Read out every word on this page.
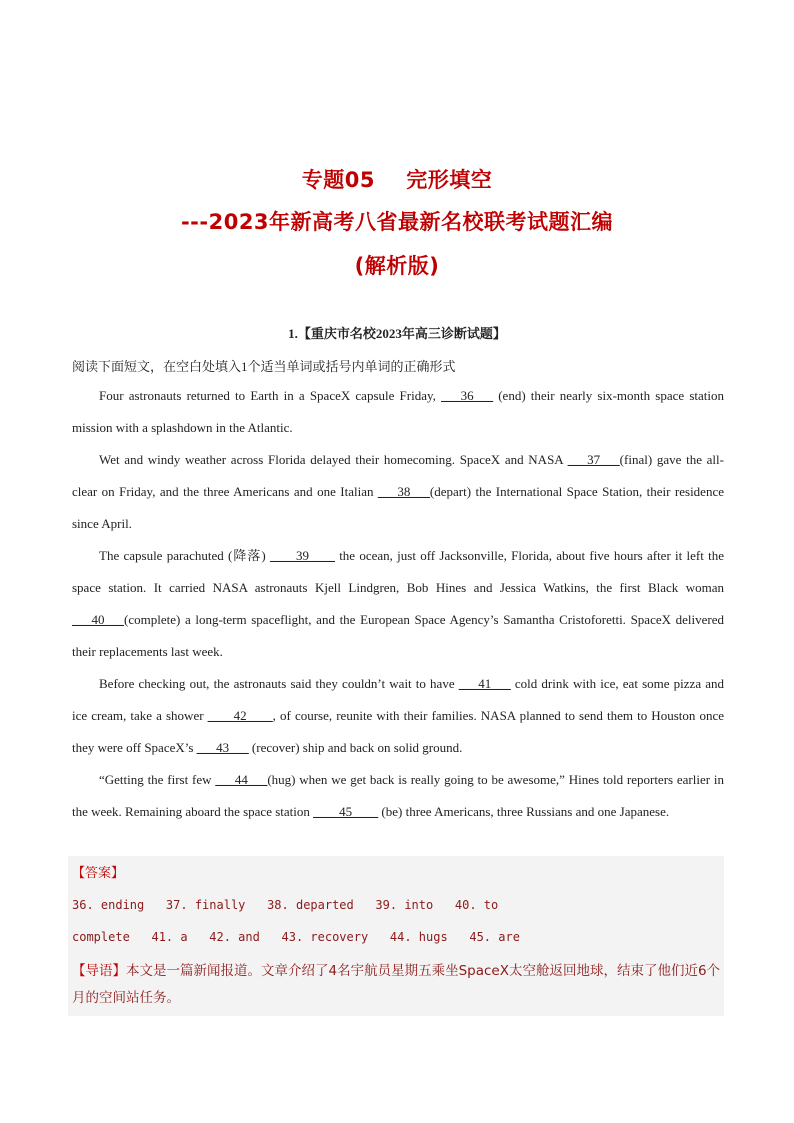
专题05    完形填空
---2023年新高考八省最新名校联考试题汇编
(解析版)
1.【重庆市名校2023年高三诊断试题】
阅读下面短文，在空白处填入1个适当单词或括号内单词的正确形式

Four astronauts returned to Earth in a SpaceX capsule Friday, ___36___ (end) their nearly six-month space station mission with a splashdown in the Atlantic.

Wet and windy weather across Florida delayed their homecoming. SpaceX and NASA ___37___(final) gave the all-clear on Friday, and the three Americans and one Italian ___38___(depart) the International Space Station, their residence since April.

The capsule parachuted (降落) ____39____ the ocean, just off Jacksonville, Florida, about five hours after it left the space station. It carried NASA astronauts Kjell Lindgren, Bob Hines and Jessica Watkins, the first Black woman ___40___(complete) a long-term spaceflight, and the European Space Agency’s Samantha Cristoforetti. SpaceX delivered their replacements last week.

Before checking out, the astronauts said they couldn’t wait to have ___41___ cold drink with ice, eat some pizza and ice cream, take a shower ____42____, of course, reunite with their families. NASA planned to send them to Houston once they were off SpaceX’s ___43___ (recover) ship and back on solid ground.

“Getting the first few ___44___(hug) when we get back is really going to be awesome,” Hines told reporters earlier in the week. Remaining aboard the space station ____45____ (be) three Americans, three Russians and one Japanese.

【答案】
36. ending   37. finally   38. departed   39. into   40. to
complete   41. a   42. and   43. recovery   44. hugs   45. are
【导语】本文是一篇新闻报道。文章介绍了4名宇航员星期五乘坐SpaceX太空舱返回地球，结束了他们近6个月的空间站任务。
